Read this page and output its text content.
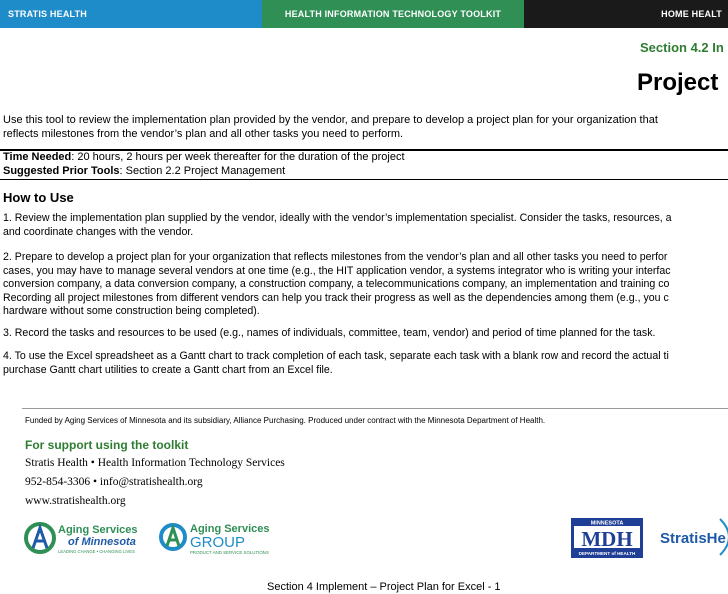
STRATIS HEALTH	HEALTH INFORMATION TECHNOLOGY TOOLKIT	HOME HEALT
Section 4.2 In
Project
Use this tool to review the implementation plan provided by the vendor, and prepare to develop a project plan for your organization that
reflects milestones from the vendor’s plan and all other tasks you need to perform.
Time Needed: 20 hours, 2 hours per week thereafter for the duration of the project
Suggested Prior Tools: Section 2.2 Project Management
How to Use
1. Review the implementation plan supplied by the vendor, ideally with the vendor’s implementation specialist. Consider the tasks, resources, a
and coordinate changes with the vendor.
2. Prepare to develop a project plan for your organization that reflects milestones from the vendor’s plan and all other tasks you need to perfor
cases, you may have to manage several vendors at one time (e.g., the HIT application vendor, a systems integrator who is writing your interfac
conversion company, a data conversion company, a construction company, a telecommunications company, an implementation and training co
Recording all project milestones from different vendors can help you track their progress as well as the dependencies among them (e.g., you c
hardware without some construction being completed).
3. Record the tasks and resources to be used (e.g., names of individuals, committee, team, vendor) and period of time planned for the task.
4. To use the Excel spreadsheet as a Gantt chart to track completion of each task, separate each task with a blank row and record the actual ti
purchase Gantt chart utilities to create a Gantt chart from an Excel file.
Funded by Aging Services of Minnesota and its subsidiary, Alliance Purchasing. Produced under contract with the Minnesota Department of Health.
For support using the toolkit
Stratis Health • Health Information Technology Services
952-854-3306 • info@stratishealth.org
www.stratishealth.org
Aging Services
of Minnesota
LEADING CHANGE • CHANGING LIVES
Aging Services
GROUP
PRODUCT AND SERVICE SOLUTIONS
MINNESOTA
MDH
DEPARTMENT of HEALTH
StratisHe
Section 4 Implement – Project Plan for Excel - 1
